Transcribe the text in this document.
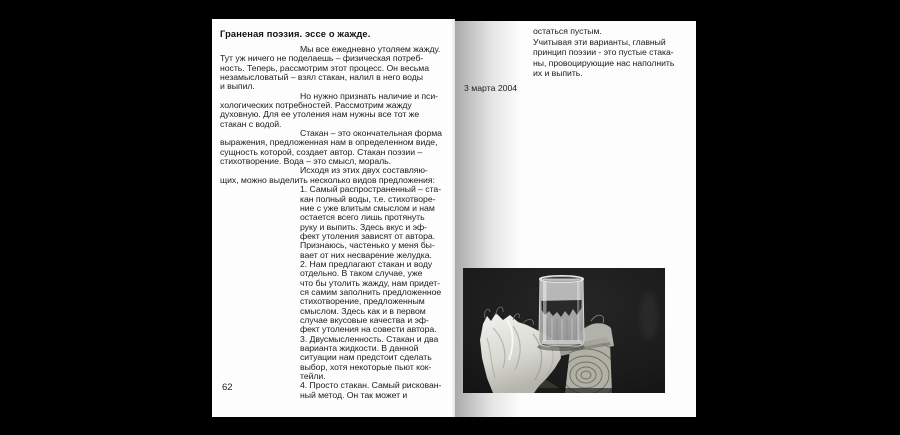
Граненая поэзия. эссе о жажде.
Мы все ежедневно утоляем жажду.
Тут уж ничего не поделаешь – физическая потреб-
ность. Теперь, рассмотрим этот процесс. Он весьма
незамысловатый – взял стакан, налил в него воды
и выпил.
Но нужно признать наличие и пси-
хологических потребностей. Рассмотрим жажду
духовную. Для ее утоления нам нужны все тот же
стакан с водой.
Стакан – это окончательная форма
выражения, предложенная нам в определенном виде,
сущность которой, создает автор. Стакан поэзии –
стихотворение. Вода – это смысл, мораль.
Исходя из этих двух составляю-
щих, можно выделить несколько видов предложения:
1. Самый распространенный – ста-
кан полный воды, т.е. стихотворе-
ние с уже влитым смыслом и нам
остается всего лишь протянуть
руку и выпить. Здесь вкус и эф-
фект утоления зависят от автора.
Признаюсь, частенько у меня бы-
вает от них несварение желудка.
2. Нам предлагают стакан и воду
отдельно. В таком случае, уже
что бы утолить жажду, нам придет-
ся самим заполнить предложенное
стихотворение, предложенным
смыслом. Здесь как и в первом
случае вкусовые качества и эф-
фект утоления на совести автора.
3. Двусмысленность. Стакан и два
варианта жидкости. В данной
ситуации нам предстоит сделать
выбор, хотя некоторые пьют кок-
тейли.
4. Просто стакан. Самый рискован-
ный метод. Он так может и
62
остаться пустым.
Учитывая эти варианты, главный
принцип поэзии - это пустые стака-
ны, провоцирующие нас наполнить
их и выпить.
3 марта 2004
